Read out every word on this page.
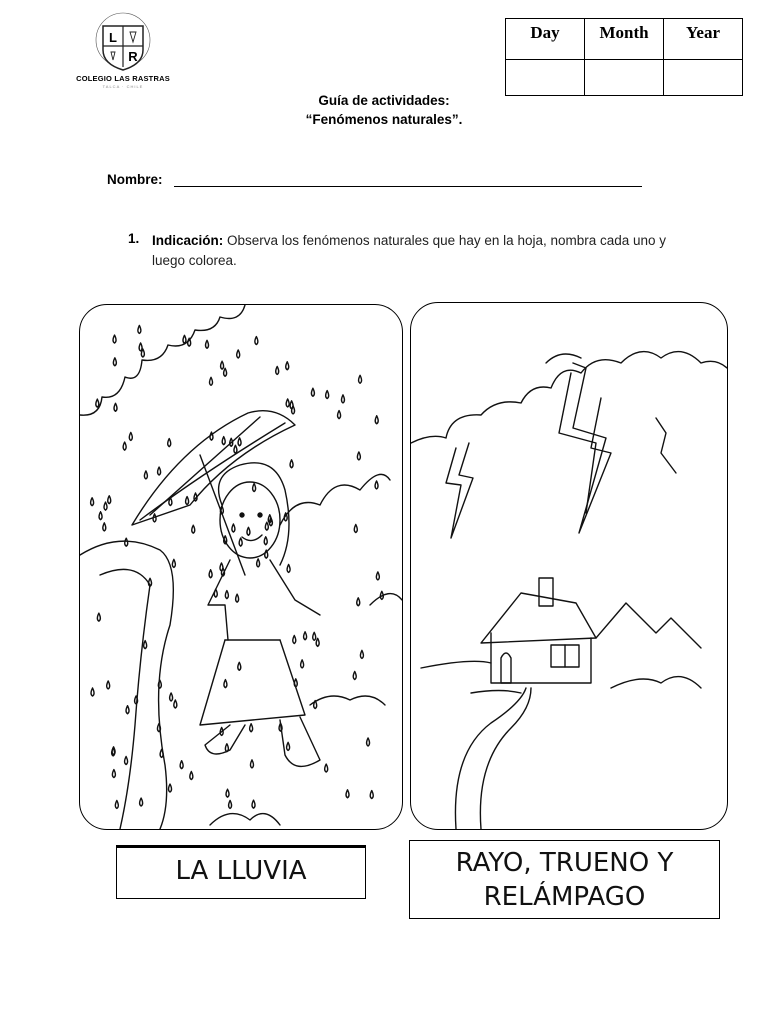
L
R
COLEGIO LAS RASTRAS
TALCA · CHILE
Day	Month	Year

Guía de actividades:
“Fenómenos naturales”.
Nombre:
1. Indicación: Observa los fenómenos naturales que hay en la hoja, nombra cada uno y luego colorea.
LA LLUVIA	RAYO, TRUENO Y
RELÁMPAGO
